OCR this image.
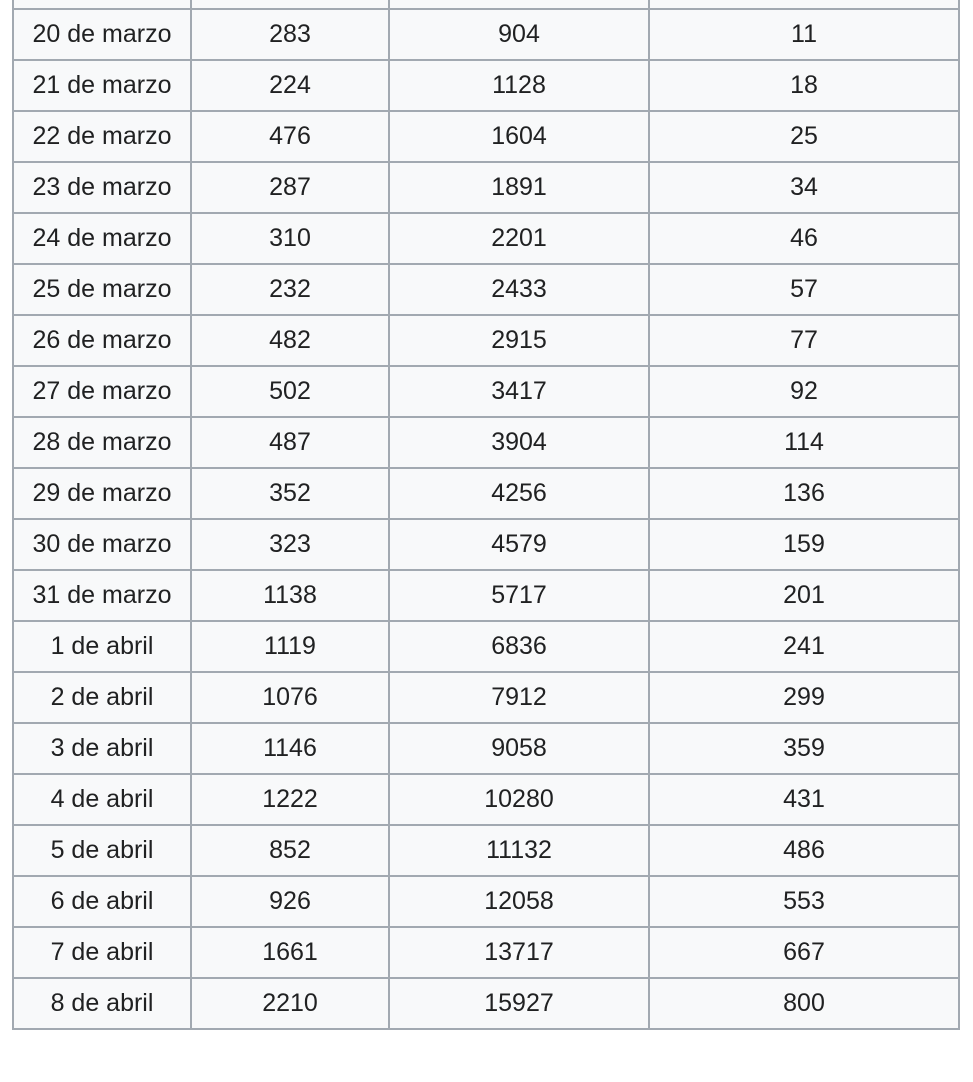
20 de marzo	283	904	11
21 de marzo	224	1128	18
22 de marzo	476	1604	25
23 de marzo	287	1891	34
24 de marzo	310	2201	46
25 de marzo	232	2433	57
26 de marzo	482	2915	77
27 de marzo	502	3417	92
28 de marzo	487	3904	114
29 de marzo	352	4256	136
30 de marzo	323	4579	159
31 de marzo	1138	5717	201
1 de abril	1119	6836	241
2 de abril	1076	7912	299
3 de abril	1146	9058	359
4 de abril	1222	10280	431
5 de abril	852	11132	486
6 de abril	926	12058	553
7 de abril	1661	13717	667
8 de abril	2210	15927	800
